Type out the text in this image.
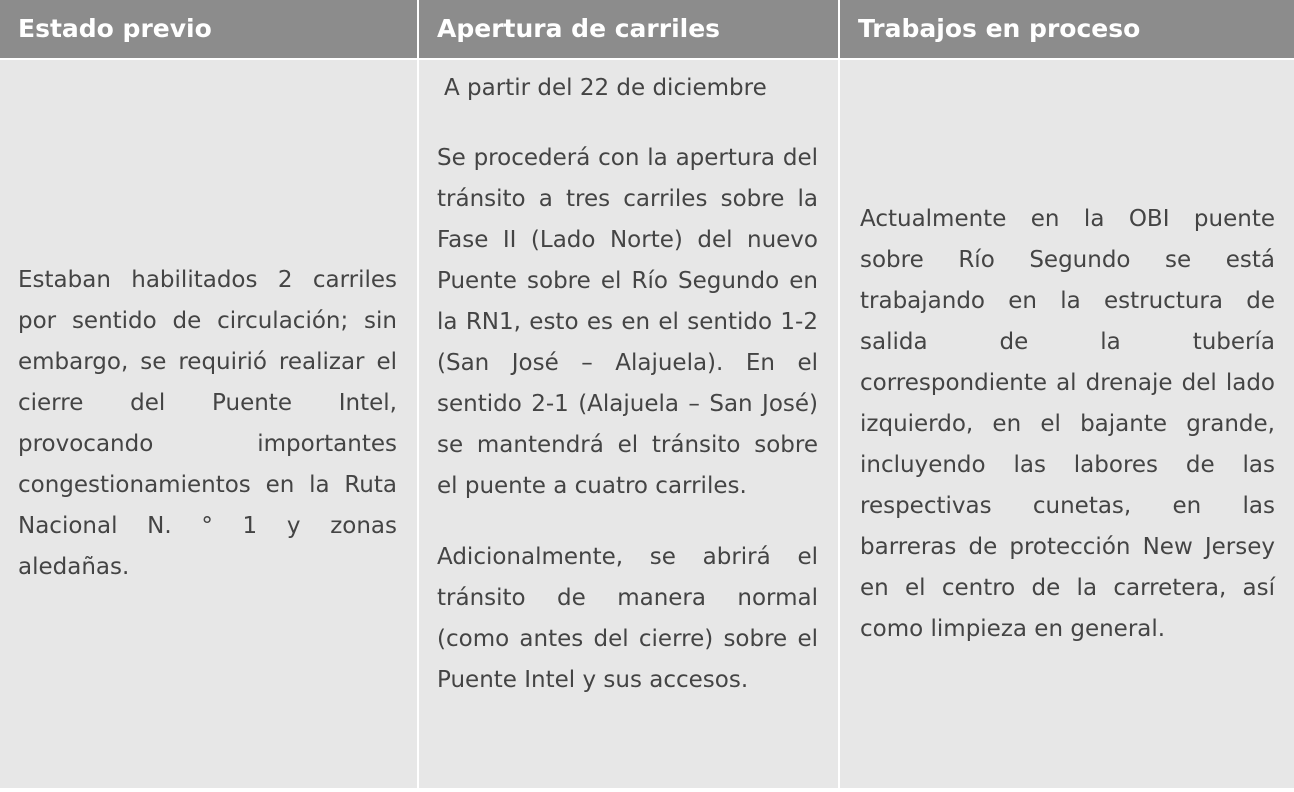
Estado previo	Apertura de carriles	Trabajos en proceso

Estaban habilitados 2 carriles por sentido de circulación; sin embargo, se requirió realizar el cierre del Puente Intel, provocando importantes congestionamientos en la Ruta Nacional N. ° 1 y zonas aledañas.

A partir del 22 de diciembre

Se procederá con la apertura del tránsito a tres carriles sobre la Fase II (Lado Norte) del nuevo Puente sobre el Río Segundo en la RN1, esto es en el sentido 1-2 (San José – Alajuela). En el sentido 2-1 (Alajuela – San José) se mantendrá el tránsito sobre el puente a cuatro carriles.

Adicionalmente, se abrirá el tránsito de manera normal (como antes del cierre) sobre el Puente Intel y sus accesos.

Actualmente en la OBI puente sobre Río Segundo se está trabajando en la estructura de salida de la tubería correspondiente al drenaje del lado izquierdo, en el bajante grande, incluyendo las labores de las respectivas cunetas, en las barreras de protección New Jersey en el centro de la carretera, así como limpieza en general.
